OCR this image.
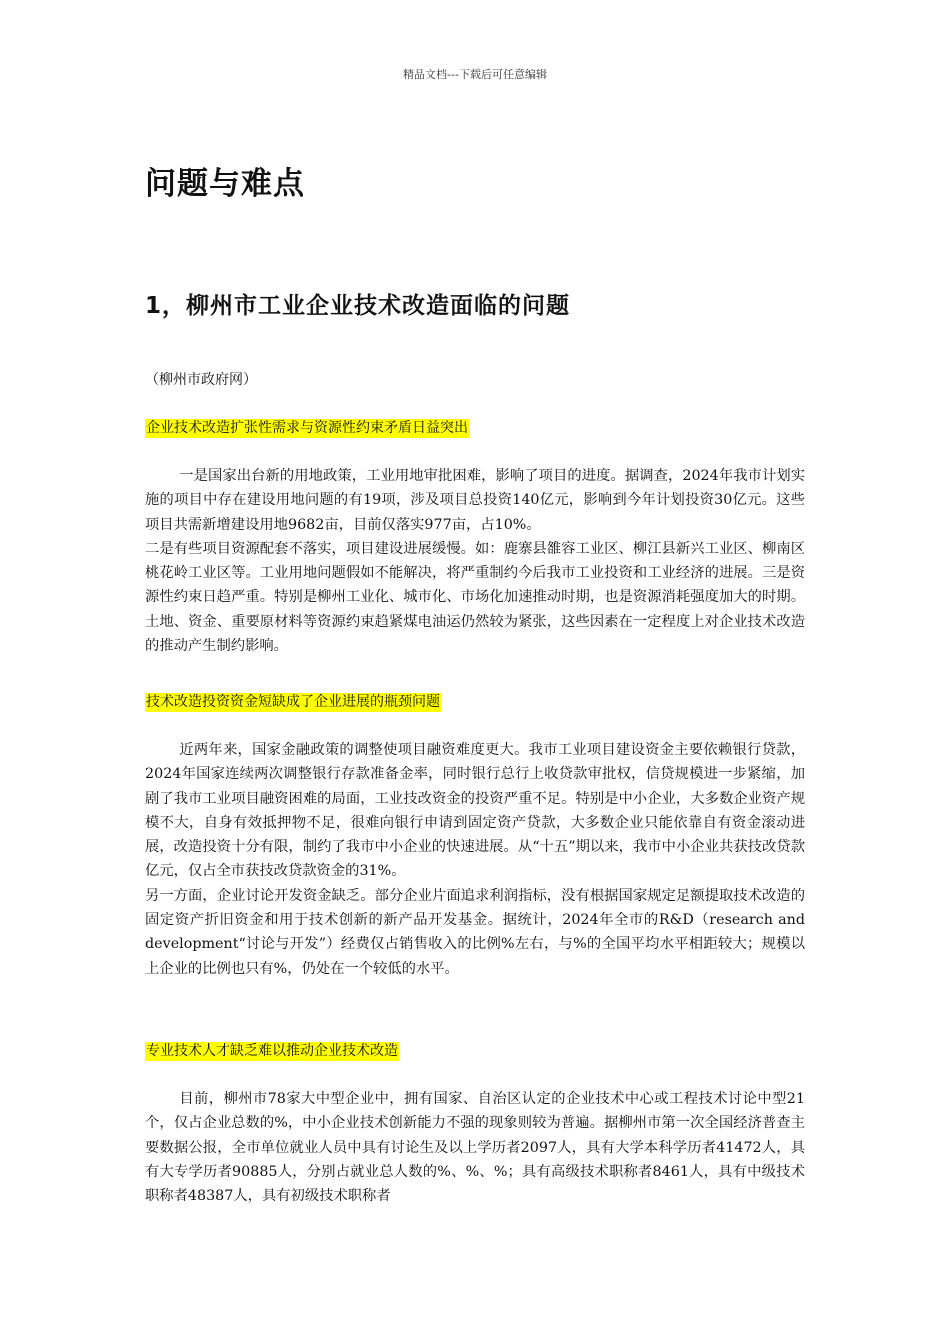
精品文档---下载后可任意编辑
问题与难点
1，柳州市工业企业技术改造面临的问题
（柳州市政府网）
企业技术改造扩张性需求与资源性约束矛盾日益突出

一是国家出台新的用地政策，工业用地审批困难，影响了项目的进度。据调查，2024年我市计划实施的项目中存在建设用地问题的有19项，涉及项目总投资140亿元，影响到今年计划投资30亿元。这些项目共需新增建设用地9682亩，目前仅落实977亩，占10%。

二是有些项目资源配套不落实，项目建设进展缓慢。如：鹿寨县雒容工业区、柳江县新兴工业区、柳南区桃花岭工业区等。工业用地问题假如不能解决，将严重制约今后我市工业投资和工业经济的进展。三是资源性约束日趋严重。特别是柳州工业化、城市化、市场化加速推动时期，也是资源消耗强度加大的时期。土地、资金、重要原材料等资源约束趋紧煤电油运仍然较为紧张，这些因素在一定程度上对企业技术改造的推动产生制约影响。

技术改造投资资金短缺成了企业进展的瓶颈问题

近两年来，国家金融政策的调整使项目融资难度更大。我市工业项目建设资金主要依赖银行贷款，2024年国家连续两次调整银行存款准备金率，同时银行总行上收贷款审批权，信贷规模进一步紧缩，加剧了我市工业项目融资困难的局面，工业技改资金的投资严重不足。特别是中小企业，大多数企业资产规模不大，自身有效抵押物不足，很难向银行申请到固定资产贷款，大多数企业只能依靠自有资金滚动进展，改造投资十分有限，制约了我市中小企业的快速进展。从“十五”期以来，我市中小企业共获技改贷款亿元，仅占全市获技改贷款资金的31%。

另一方面，企业讨论开发资金缺乏。部分企业片面追求利润指标，没有根据国家规定足额提取技术改造的固定资产折旧资金和用于技术创新的新产品开发基金。据统计，2024年全市的R&D（research and development“讨论与开发”）经费仅占销售收入的比例%左右，与%的全国平均水平相距较大；规模以上企业的比例也只有%，仍处在一个较低的水平。

专业技术人才缺乏难以推动企业技术改造

目前，柳州市78家大中型企业中，拥有国家、自治区认定的企业技术中心或工程技术讨论中型21个，仅占企业总数的%，中小企业技术创新能力不强的现象则较为普遍。据柳州市第一次全国经济普查主要数据公报，全市单位就业人员中具有讨论生及以上学历者2097人，具有大学本科学历者41472人，具有大专学历者90885人，分别占就业总人数的%、%、%；具有高级技术职称者8461人，具有中级技术职称者48387人，具有初级技术职称者
